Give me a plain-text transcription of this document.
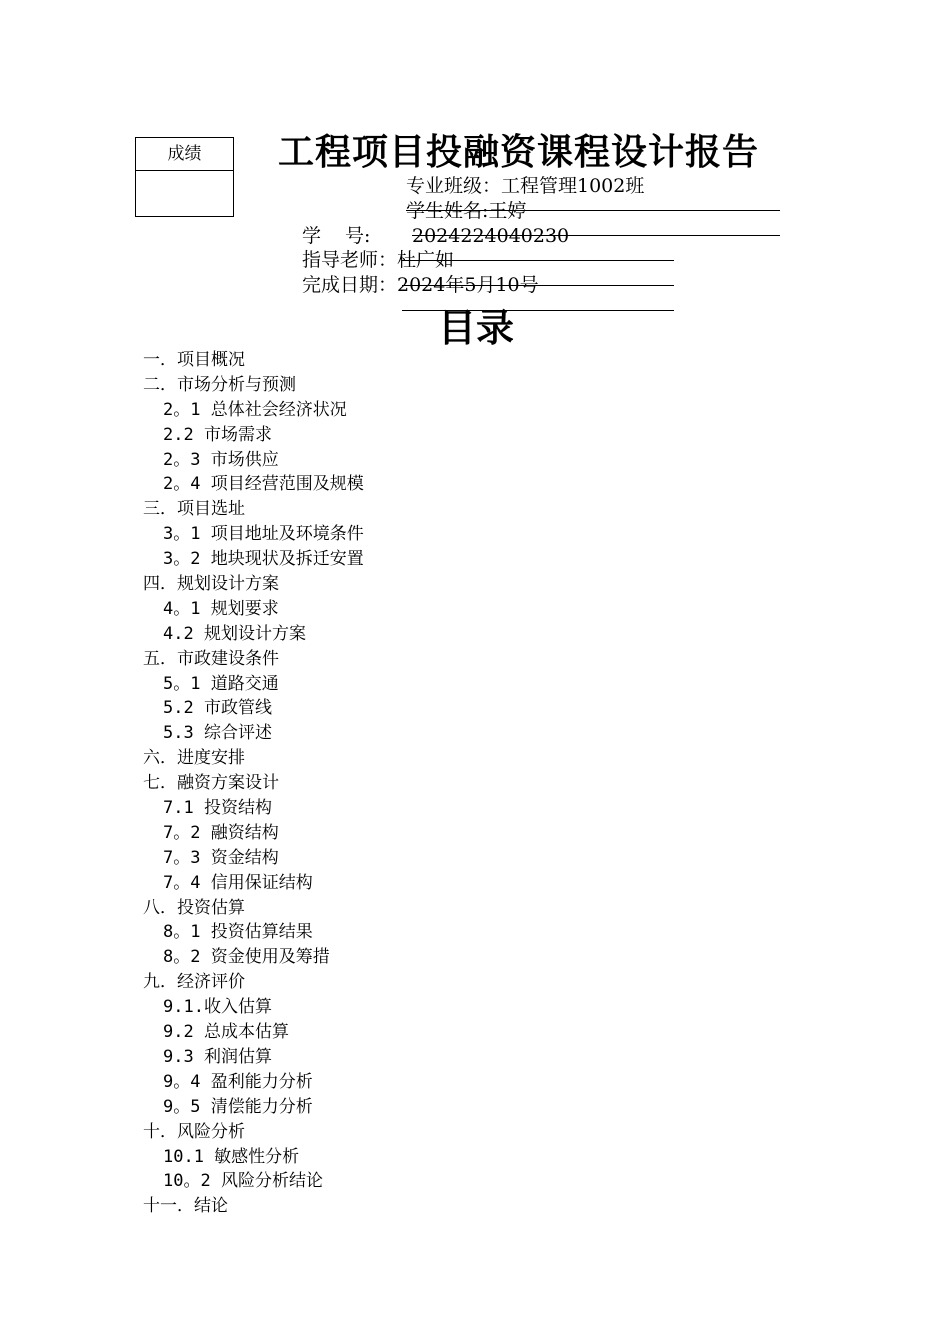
成绩	工程项目投融资课程设计报告
专业班级：工程管理1002班
学生姓名:王婷
学 号: 2024224040230
指导老师：杜广如
完成日期：2024年5月10号
目录
一．项目概况
二．市场分析与预测
2。1 总体社会经济状况
2.2 市场需求
2。3 市场供应
2。4 项目经营范围及规模
三．项目选址
3。1 项目地址及环境条件
3。2 地块现状及拆迁安置
四．规划设计方案
4。1 规划要求
4.2 规划设计方案
五．市政建设条件
5。1 道路交通
5.2 市政管线
5.3 综合评述
六．进度安排
七．融资方案设计
7.1 投资结构
7。2 融资结构
7。3 资金结构
7。4 信用保证结构
八．投资估算
8。1 投资估算结果
8。2 资金使用及筹措
九．经济评价
9.1.收入估算
9.2 总成本估算
9.3 利润估算
9。4 盈利能力分析
9。5 清偿能力分析
十．风险分析
10.1 敏感性分析
10。2 风险分析结论
十一．结论
